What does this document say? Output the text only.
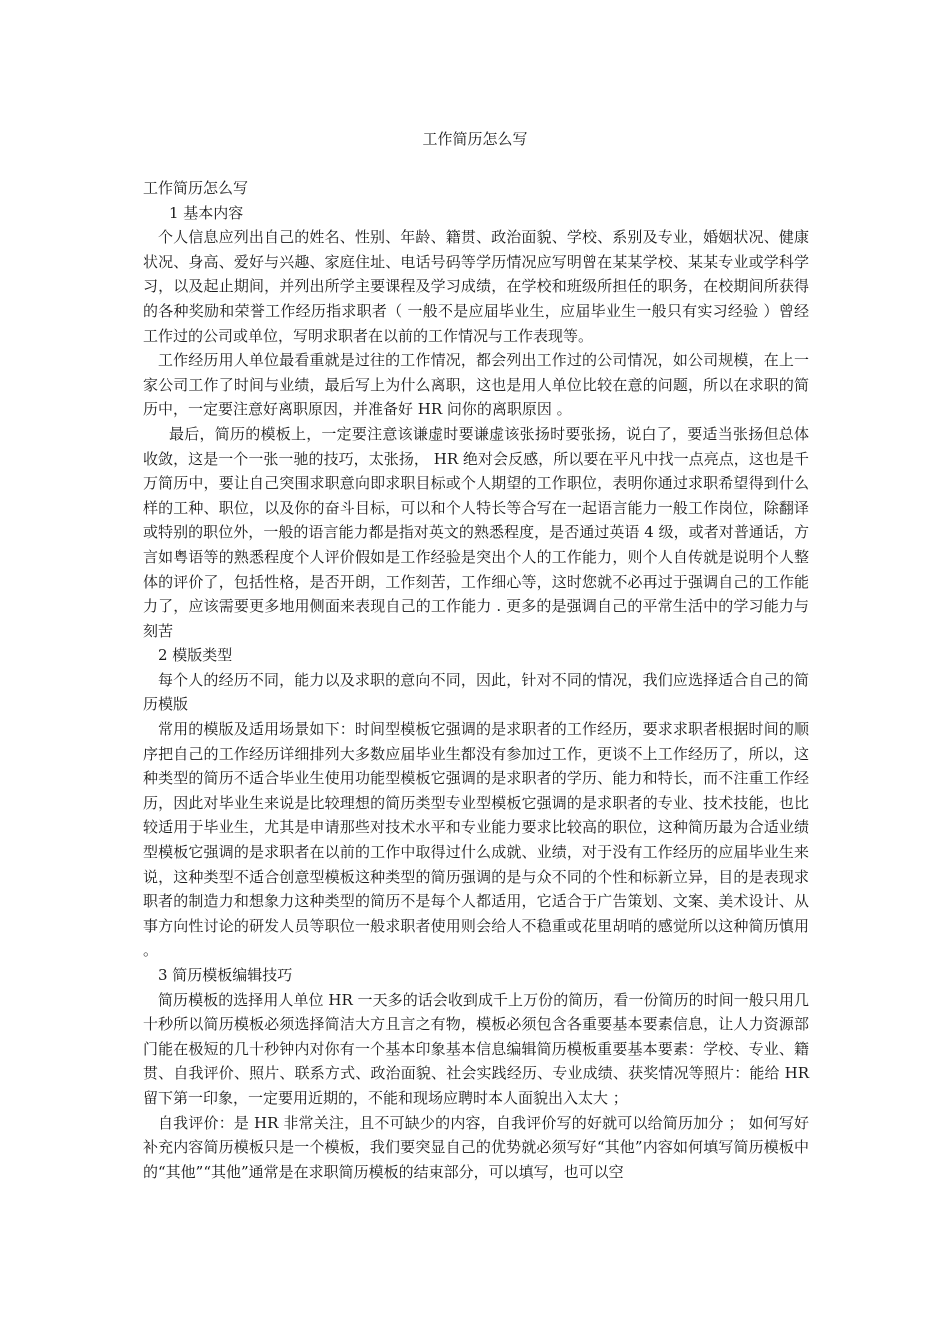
工作简历怎么写

工作简历怎么写

1 基本内容

个人信息应列出自己的姓名、性别、年龄、籍贯、政治面貌、学校、系别及专业，婚姻状况、健康状况、身高、爱好与兴趣、家庭住址、电话号码等学历情况应写明曾在某某学校、某某专业或学科学习，以及起止期间，并列出所学主要课程及学习成绩，在学校和班级所担任的职务，在校期间所获得的各种奖励和荣誉工作经历指求职者（ 一般不是应届毕业生，应届毕业生一般只有实习经验 ）曾经工作过的公司或单位，写明求职者在以前的工作情况与工作表现等。

工作经历用人单位最看重就是过往的工作情况，都会列出工作过的公司情况，如公司规模，在上一家公司工作了时间与业绩，最后写上为什么离职，这也是用人单位比较在意的问题，所以在求职的简历中，一定要注意好离职原因，并准备好 HR 问你的离职原因 。

最后，简历的模板上，一定要注意该谦虚时要谦虚该张扬时要张扬，说白了，要适当张扬但总体收敛，这是一个一张一驰的技巧，太张扬， HR 绝对会反感，所以要在平凡中找一点亮点，这也是千万简历中，要让自己突围求职意向即求职目标或个人期望的工作职位，表明你通过求职希望得到什么样的工种、职位，以及你的奋斗目标，可以和个人特长等合写在一起语言能力一般工作岗位，除翻译或特别的职位外，一般的语言能力都是指对英文的熟悉程度，是否通过英语 4 级，或者对普通话，方言如粤语等的熟悉程度个人评价假如是工作经验是突出个人的工作能力，则个人自传就是说明个人整体的评价了，包括性格，是否开朗，工作刻苦，工作细心等，这时您就不必再过于强调自己的工作能力了，应该需要更多地用侧面来表现自己的工作能力 . 更多的是强调自己的平常生活中的学习能力与刻苦

2 模版类型

每个人的经历不同，能力以及求职的意向不同，因此，针对不同的情况，我们应选择适合自己的简历模版

常用的模版及适用场景如下：时间型模板它强调的是求职者的工作经历，要求求职者根据时间的顺序把自己的工作经历详细排列大多数应届毕业生都没有参加过工作，更谈不上工作经历了，所以，这种类型的简历不适合毕业生使用功能型模板它强调的是求职者的学历、能力和特长，而不注重工作经历，因此对毕业生来说是比较理想的简历类型专业型模板它强调的是求职者的专业、技术技能，也比较适用于毕业生，尤其是申请那些对技术水平和专业能力要求比较高的职位，这种简历最为合适业绩型模板它强调的是求职者在以前的工作中取得过什么成就、业绩，对于没有工作经历的应届毕业生来说，这种类型不适合创意型模板这种类型的简历强调的是与众不同的个性和标新立异，目的是表现求职者的制造力和想象力这种类型的简历不是每个人都适用，它适合于广告策划、文案、美术设计、从事方向性讨论的研发人员等职位一般求职者使用则会给人不稳重或花里胡哨的感觉所以这种简历慎用 。

3 简历模板编辑技巧

简历模板的选择用人单位 HR 一天多的话会收到成千上万份的简历，看一份简历的时间一般只用几十秒所以简历模板必须选择简洁大方且言之有物，模板必须包含各重要基本要素信息，让人力资源部门能在极短的几十秒钟内对你有一个基本印象基本信息编辑简历模板重要基本要素：学校、专业、籍贯、自我评价、照片、联系方式、政治面貌、社会实践经历、专业成绩、获奖情况等照片：能给 HR 留下第一印象，一定要用近期的，不能和现场应聘时本人面貌出入太大 ；

自我评价：是 HR 非常关注，且不可缺少的内容，自我评价写的好就可以给简历加分 ； 如何写好补充内容简历模板只是一个模板，我们要突显自己的优势就必须写好“其他”内容如何填写简历模板中的“其他”“其他”通常是在求职简历模板的结束部分，可以填写，也可以空
